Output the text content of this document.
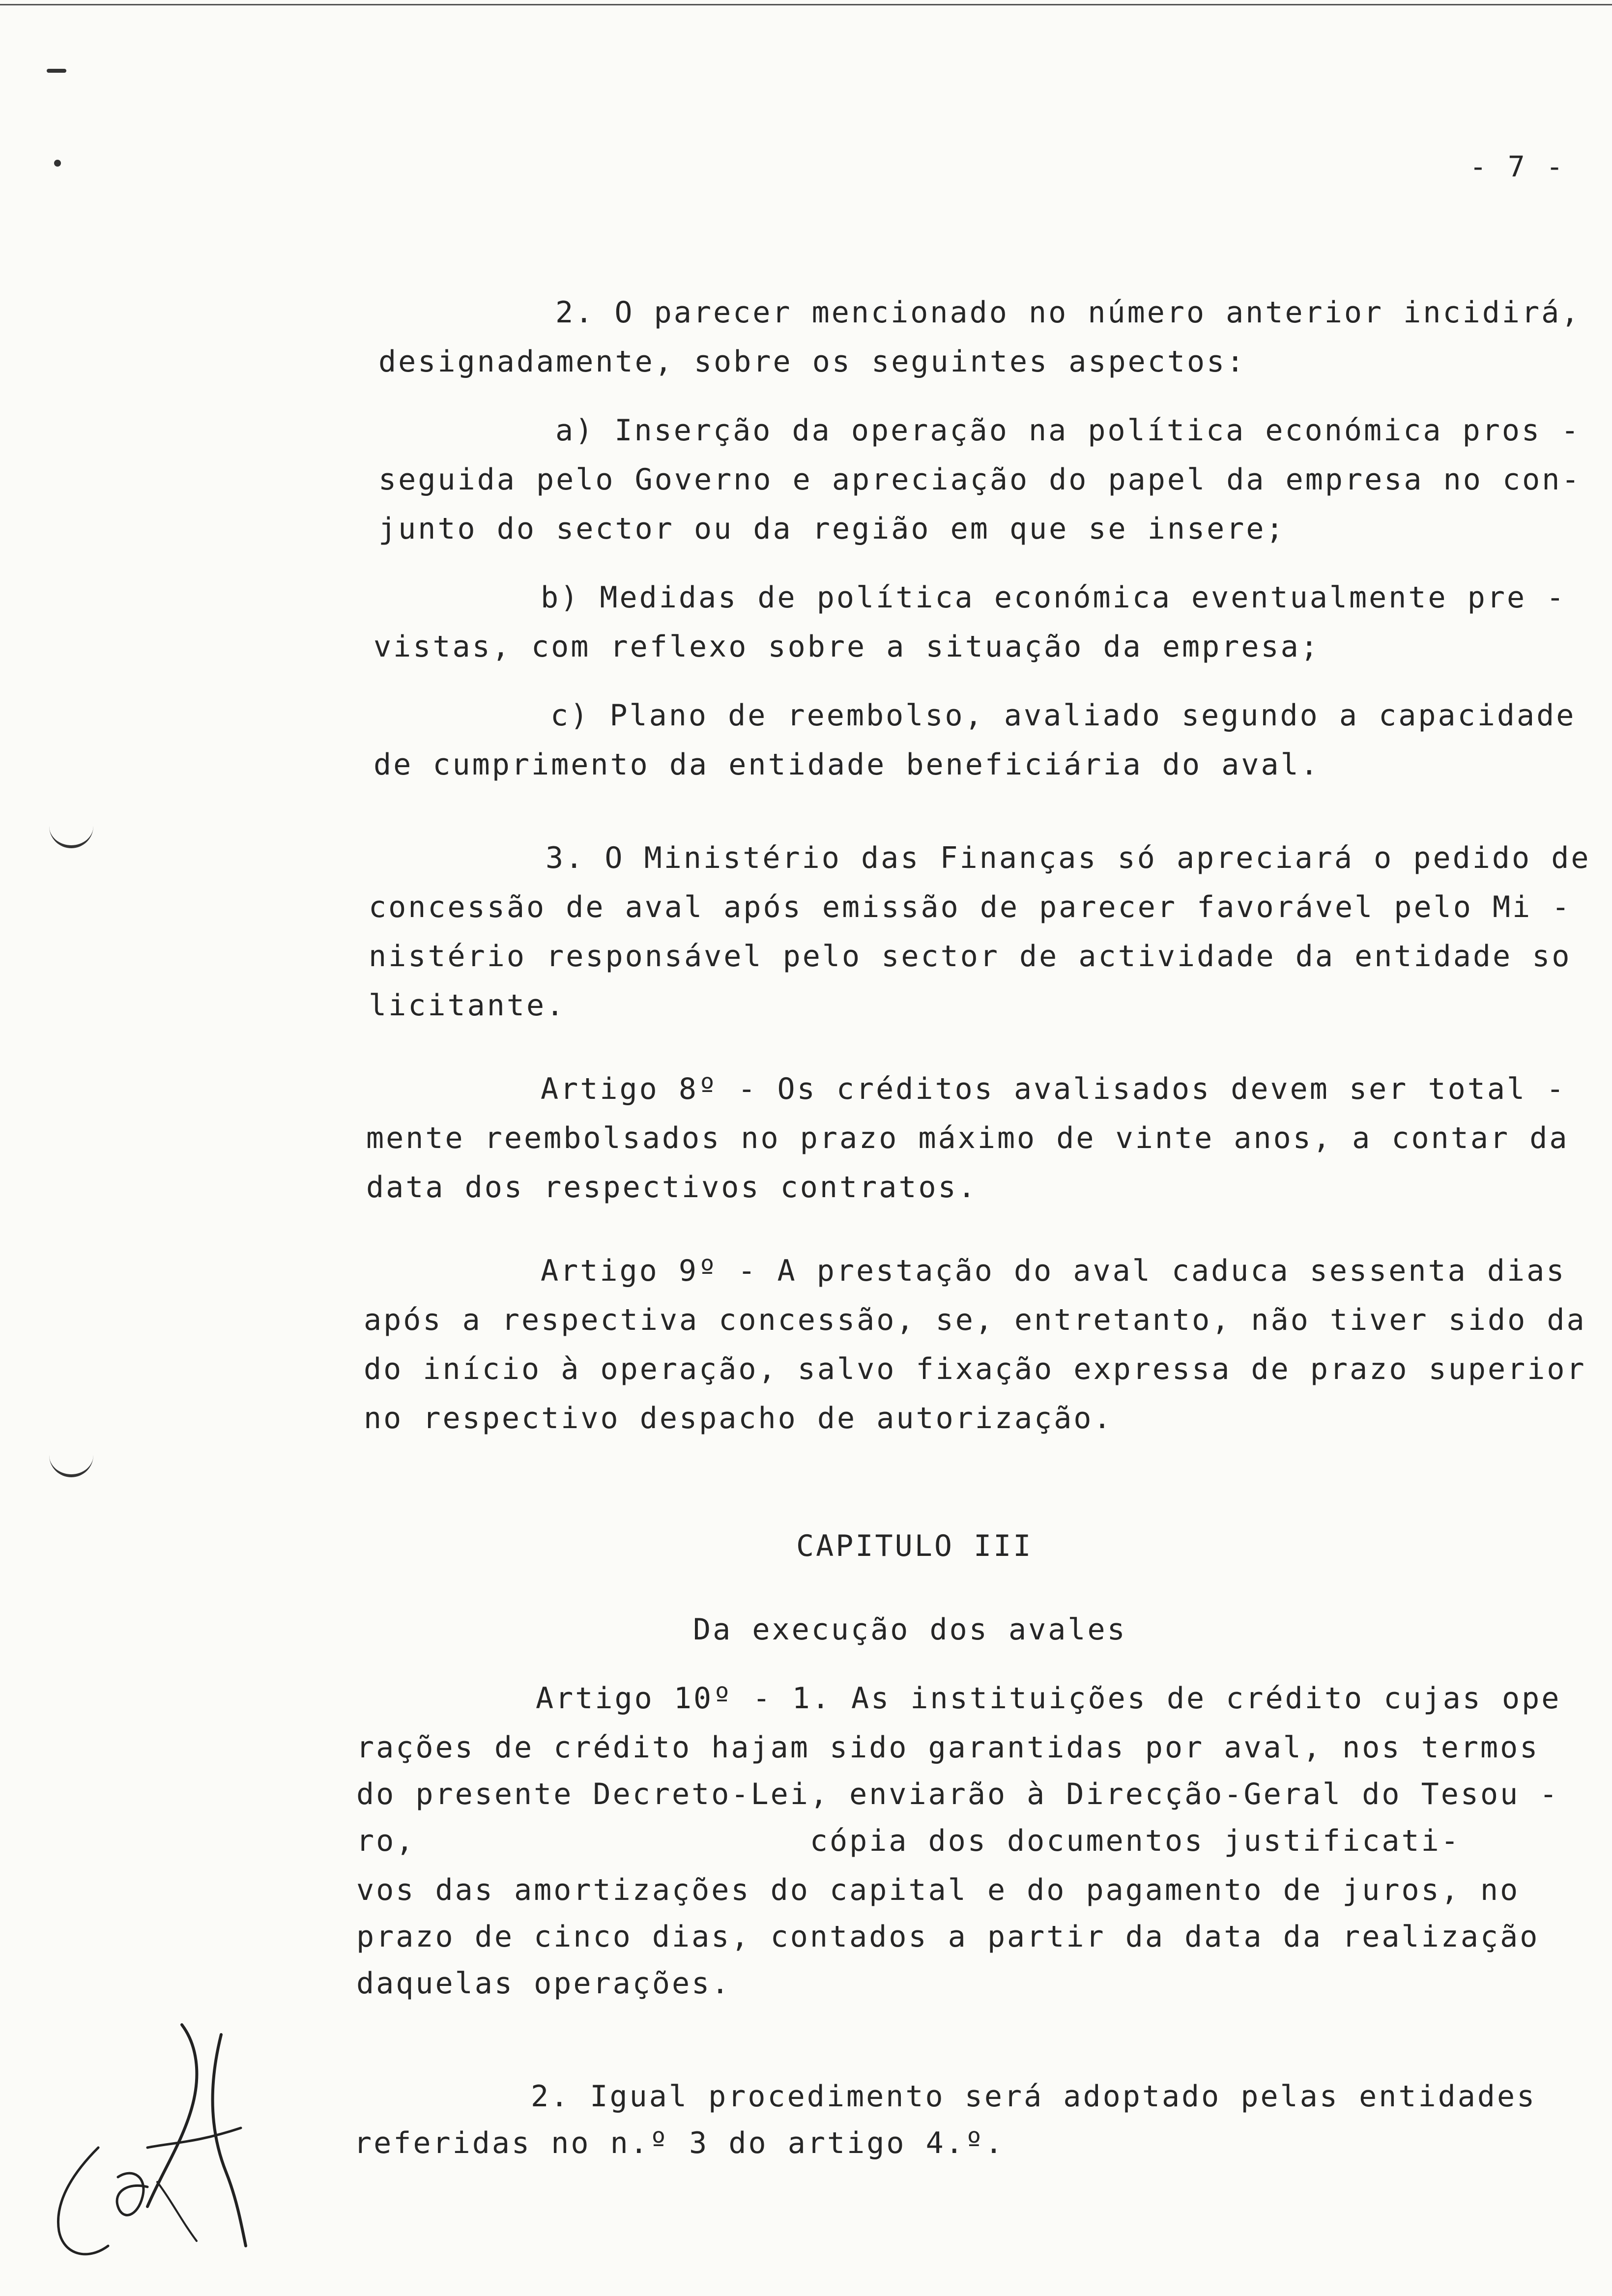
- 7 -
2. O parecer mencionado no número anterior incidirá,
designadamente, sobre os seguintes aspectos:
a) Inserção da operação na política económica pros -
seguida pelo Governo e apreciação do papel da empresa no con-
junto do sector ou da região em que se insere;
b) Medidas de política económica eventualmente pre -
vistas, com reflexo sobre a situação da empresa;
c) Plano de reembolso, avaliado segundo a capacidade
de cumprimento da entidade beneficiária do aval.
3. O Ministério das Finanças só apreciará o pedido de
concessão de aval após emissão de parecer favorável pelo Mi -
nistério responsável pelo sector de actividade da entidade so
licitante.
Artigo 8º - Os créditos avalisados devem ser total -
mente reembolsados no prazo máximo de vinte anos, a contar da
data dos respectivos contratos.
Artigo 9º - A prestação do aval caduca sessenta dias
após a respectiva concessão, se, entretanto, não tiver sido da
do início à operação, salvo fixação expressa de prazo superior
no respectivo despacho de autorização.
CAPITULO III
Da execução dos avales
Artigo 10º - 1. As instituições de crédito cujas ope
rações de crédito hajam sido garantidas por aval, nos termos
do presente Decreto-Lei, enviarão à Direcção-Geral do Tesou -
ro,                    cópia dos documentos justificati-
vos das amortizações do capital e do pagamento de juros, no
prazo de cinco dias, contados a partir da data da realização
daquelas operações.
2. Igual procedimento será adoptado pelas entidades
referidas no n.º 3 do artigo 4.º.
